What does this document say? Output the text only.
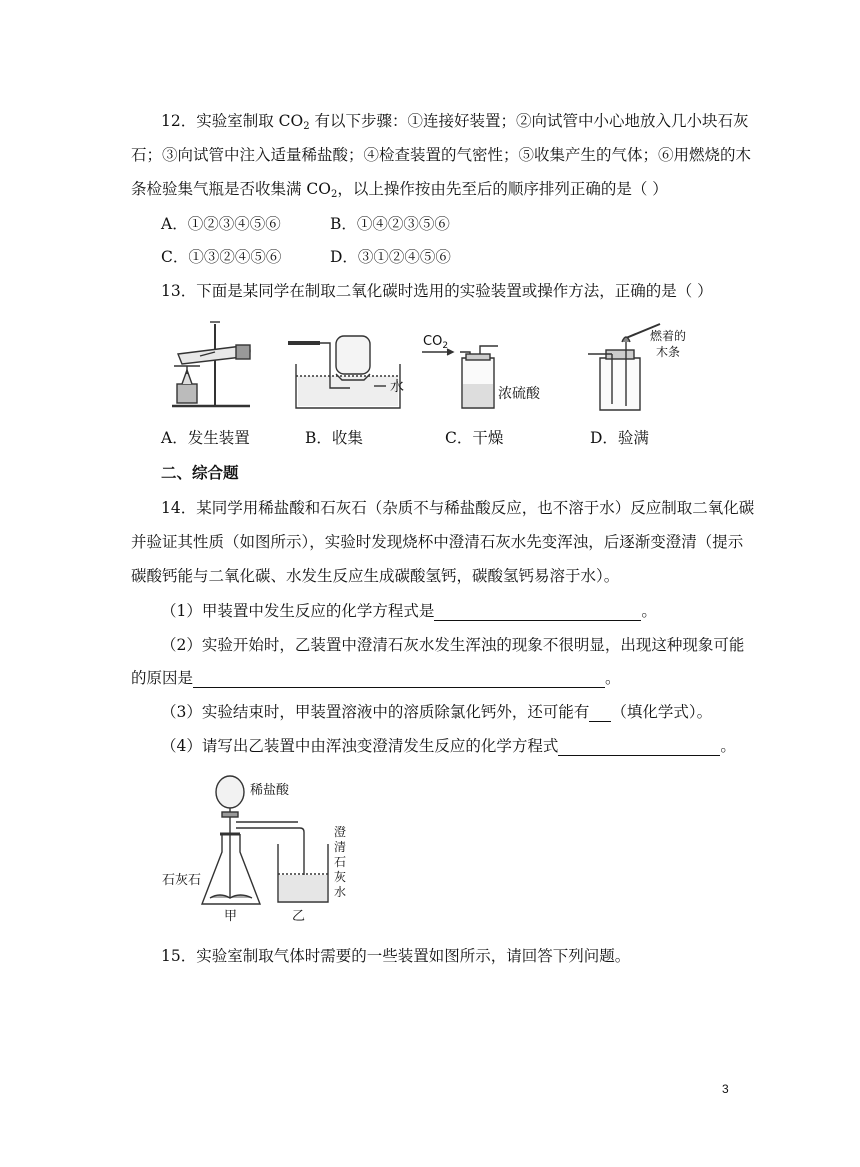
12．实验室制取 $CO_2$ 有以下步骤：①连接好装置；②向试管中小心地放入几小块石灰
石；③向试管中注入适量稀盐酸；④检查装置的气密性；⑤收集产生的气体；⑥用燃烧的木
条检验集气瓶是否收集满 $CO_2$，以上操作按由先至后的顺序排列正确的是（ ）
A．①②③④⑤⑥	B．①④②③⑤⑥
C．①③②④⑤⑥	D．③①②④⑤⑥
13．下面是某同学在制取二氧化碳时选用的实验装置或操作方法，正确的是（ ）
水
$CO_2$
浓硫酸
燃着的
木条
A．发生装置	B．收集	C．干燥	D．验满
二、综合题
14．某同学用稀盐酸和石灰石（杂质不与稀盐酸反应，也不溶于水）反应制取二氧化碳
并验证其性质（如图所示），实验时发现烧杯中澄清石灰水先变浑浊，后逐渐变澄清（提示
碳酸钙能与二氧化碳、水发生反应生成碳酸氢钙，碳酸氢钙易溶于水）。
（1）甲装置中发生反应的化学方程式是	。
（2）实验开始时，乙装置中澄清石灰水发生浑浊的现象不很明显，出现这种现象可能
的原因是	。
（3）实验结束时，甲装置溶液中的溶质除氯化钙外，还可能有 （填化学式）。
（4）请写出乙装置中由浑浊变澄清发生反应的化学方程式	。
稀盐酸
石灰石
甲	乙
澄
清
石
灰
水
15．实验室制取气体时需要的一些装置如图所示，请回答下列问题。
3
